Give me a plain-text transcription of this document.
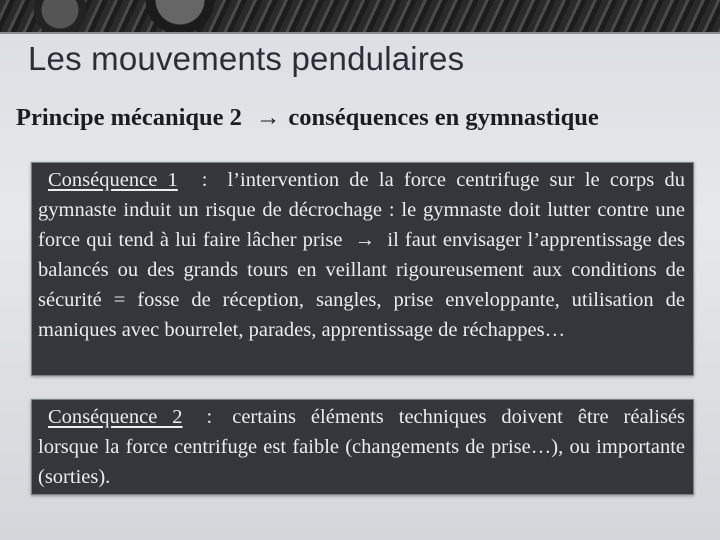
Les mouvements pendulaires
Principe mécanique 2 → conséquences en gymnastique

Conséquence 1 : l’intervention de la force centrifuge sur le corps du gymnaste induit un risque de décrochage : le gymnaste doit lutter contre une force qui tend à lui faire lâcher prise → il faut envisager l’apprentissage des balancés ou des grands tours en veillant rigoureusement aux conditions de sécurité = fosse de réception, sangles, prise enveloppante, utilisation de maniques avec bourrelet, parades, apprentissage de réchappes…

Conséquence 2 : certains éléments techniques doivent être réalisés lorsque la force centrifuge est faible (changements de prise…), ou importante (sorties).
